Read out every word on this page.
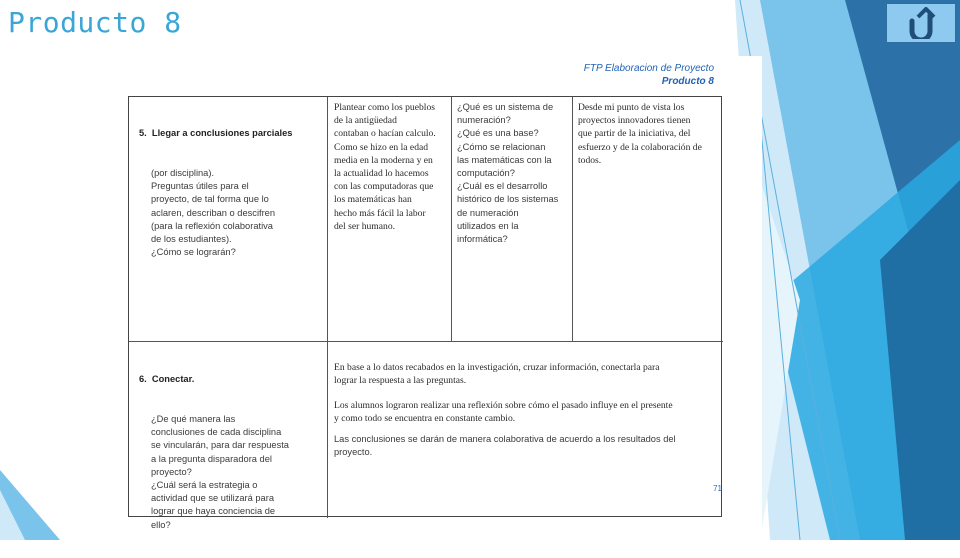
Producto 8
FTP Elaboracion de Proyecto
Producto 8

5.  Llegar a conclusiones parciales

(por disciplina).
Preguntas útiles para el
proyecto, de tal forma que lo
aclaren, describan o descifren
(para la reflexión colaborativa
de los estudiantes).
¿Cómo se lograrán?

Plantear como los pueblos
de la antigüedad
contaban o hacían calculo.
Como se hizo en la edad
media en la moderna y en
la actualidad lo hacemos
con las computadoras que
los matemáticas han
hecho más fácil la labor
del ser humano.
¿Qué es un sistema de
numeración?
¿Qué es una base?
¿Cómo se relacionan
las matemáticas con la
computación?
¿Cuál es el desarrollo
histórico de los sistemas
de numeración
utilizados en la
informática?
Desde mi punto de vista los
proyectos innovadores tienen
que partir de la iniciativa, del
esfuerzo y de la colaboración de
todos.

6.  Conectar.

¿De qué manera las
conclusiones de cada disciplina
se vincularán, para dar respuesta
a la pregunta disparadora del
proyecto?
¿Cuál será la estrategia o
actividad que se utilizará para
lograr que haya conciencia de
ello?

En base a lo datos recabados en la investigación, cruzar información, conectarla para
lograr la respuesta a las preguntas.
Los alumnos lograron realizar una reflexión sobre cómo el pasado influye en el presente
y como todo se encuentra en constante cambio.
Las conclusiones se darán de manera colaborativa de acuerdo a los resultados del
proyecto.
71
